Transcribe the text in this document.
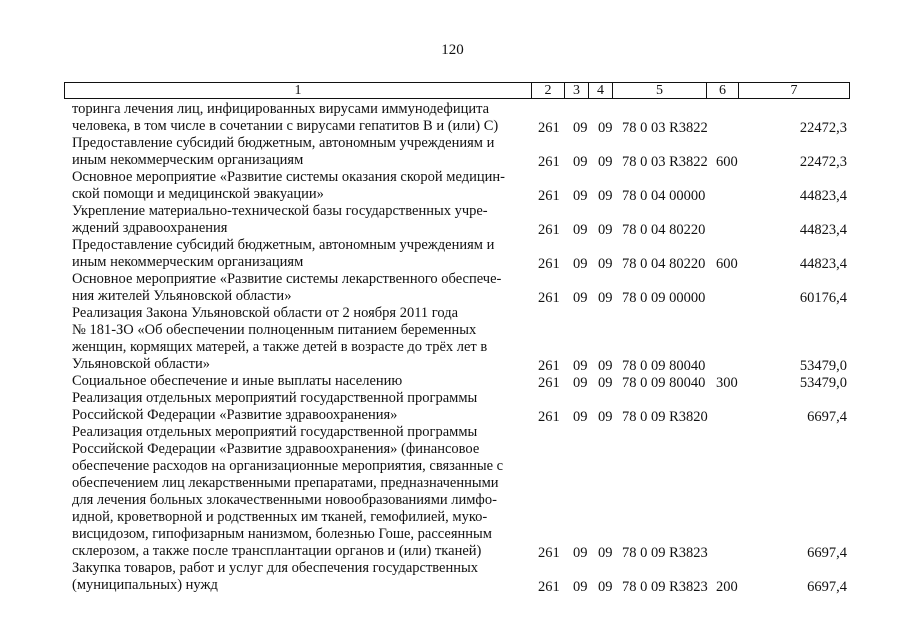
120
1	2	3	4	5	6	7
торинга лечения лиц, инфицированных вирусами иммунодефицита
человека, в том числе в сочетании с вирусами гепатитов В и (или) С)	261 09 09 78 0 03 R3822	22472,3
Предоставление субсидий бюджетным, автономным учреждениям и
иным некоммерческим организациям	261 09 09 78 0 03 R3822 600	22472,3
Основное мероприятие «Развитие системы оказания скорой медицин-
ской помощи и медицинской эвакуации»	261 09 09 78 0 04 00000	44823,4
Укрепление материально-технической базы государственных учре-
ждений здравоохранения	261 09 09 78 0 04 80220	44823,4
Предоставление субсидий бюджетным, автономным учреждениям и
иным некоммерческим организациям	261 09 09 78 0 04 80220 600	44823,4
Основное мероприятие «Развитие системы лекарственного обеспече-
ния жителей Ульяновской области»	261 09 09 78 0 09 00000	60176,4
Реализация Закона Ульяновской области от 2 ноября 2011 года
№ 181-ЗО «Об обеспечении полноценным питанием беременных
женщин, кормящих матерей, а также детей в возрасте до трёх лет в
Ульяновской области»	261 09 09 78 0 09 80040	53479,0
Социальное обеспечение и иные выплаты населению	261 09 09 78 0 09 80040 300	53479,0
Реализация отдельных мероприятий государственной программы
Российской Федерации «Развитие здравоохранения»	261 09 09 78 0 09 R3820	6697,4
Реализация отдельных мероприятий государственной программы
Российской Федерации «Развитие здравоохранения» (финансовое
обеспечение расходов на организационные мероприятия, связанные с
обеспечением лиц лекарственными препаратами, предназначенными
для лечения больных злокачественными новообразованиями лимфо-
идной, кроветворной и родственных им тканей, гемофилией, муко-
висцидозом, гипофизарным нанизмом, болезнью Гоше, рассеянным
склерозом, а также после трансплантации органов и (или) тканей)	261 09 09 78 0 09 R3823	6697,4
Закупка товаров, работ и услуг для обеспечения государственных
(муниципальных) нужд	261 09 09 78 0 09 R3823 200	6697,4
